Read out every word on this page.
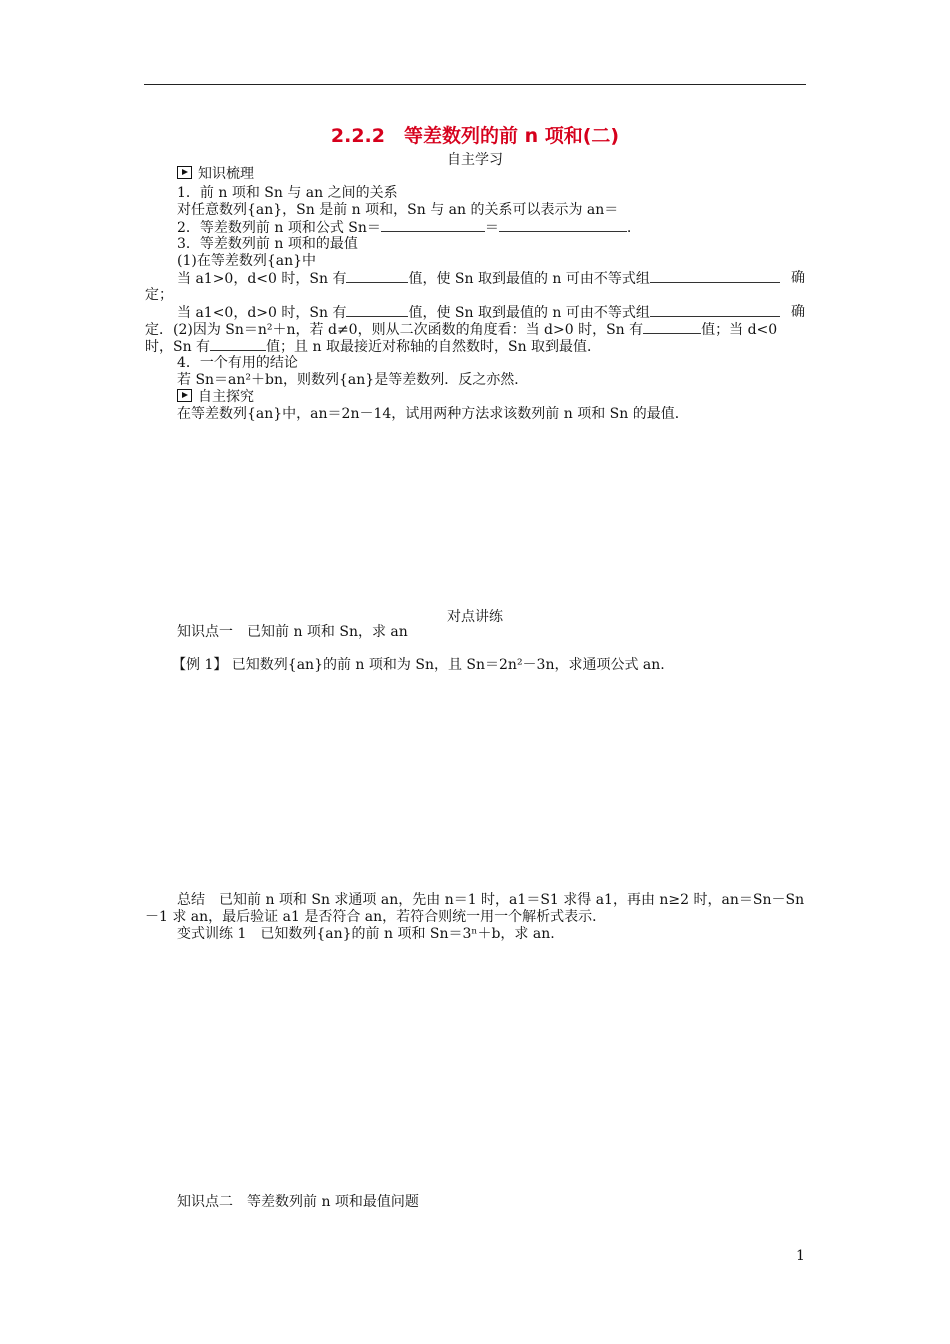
2.2.2　等差数列的前 n 项和(二)
自主学习
知识梳理
1．前 n 项和 Sn 与 an 之间的关系
对任意数列{an}，Sn 是前 n 项和，Sn 与 an 的关系可以表示为 an＝
2．等差数列前 n 项和公式 Sn＝	＝	.
3．等差数列前 n 项和的最值
(1)在等差数列{an}中
当 a1>0，d<0 时，Sn 有	值，使 Sn 取到最值的 n 可由不等式组	确
定；
当 a1<0，d>0 时，Sn 有	值，使 Sn 取到最值的 n 可由不等式组	确
定．(2)因为 Sn＝n²＋n，若 d≠0，则从二次函数的角度看：当 d>0 时，Sn 有	值；当 d<0
时，Sn 有	值；且 n 取最接近对称轴的自然数时，Sn 取到最值．
4．一个有用的结论
若 Sn＝an²＋bn，则数列{an}是等差数列．反之亦然．
自主探究
在等差数列{an}中，an＝2n－14，试用两种方法求该数列前 n 项和 Sn 的最值．
对点讲练
知识点一　已知前 n 项和 Sn，求 an
【例 1】 已知数列{an}的前 n 项和为 Sn，且 Sn＝2n²－3n，求通项公式 an.
总结　已知前 n 项和 Sn 求通项 an，先由 n＝1 时，a1＝S1 求得 a1，再由 n≥2 时，an＝Sn－Sn
－1 求 an，最后验证 a1 是否符合 an，若符合则统一用一个解析式表示．
变式训练 1　已知数列{an}的前 n 项和 Sn＝3ⁿ＋b，求 an.
知识点二　等差数列前 n 项和最值问题
1
